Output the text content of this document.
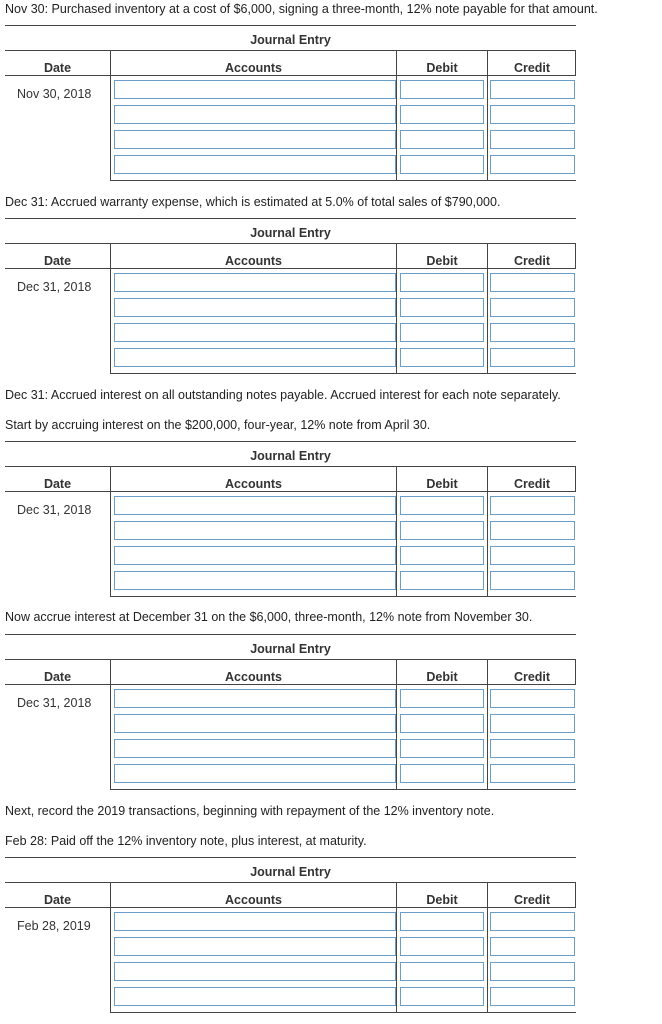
Nov 30: Purchased inventory at a cost of $6,000, signing a three-month, 12% note payable for that amount.
Dec 31: Accrued warranty expense, which is estimated at 5.0% of total sales of $790,000.
Dec 31: Accrued interest on all outstanding notes payable. Accrued interest for each note separately.
Start by accruing interest on the $200,000, four-year, 12% note from April 30.
Now accrue interest at December 31 on the $6,000, three-month, 12% note from November 30.
Next, record the 2019 transactions, beginning with repayment of the 12% inventory note.
Feb 28: Paid off the 12% inventory note, plus interest, at maturity.
Journal Entry
Date	Accounts	Debit	Credit
Nov 30, 2018
Journal Entry
Date	Accounts	Debit	Credit
Dec 31, 2018
Journal Entry
Date	Accounts	Debit	Credit
Dec 31, 2018
Journal Entry
Date	Accounts	Debit	Credit
Dec 31, 2018
Journal Entry
Date	Accounts	Debit	Credit
Feb 28, 2019
